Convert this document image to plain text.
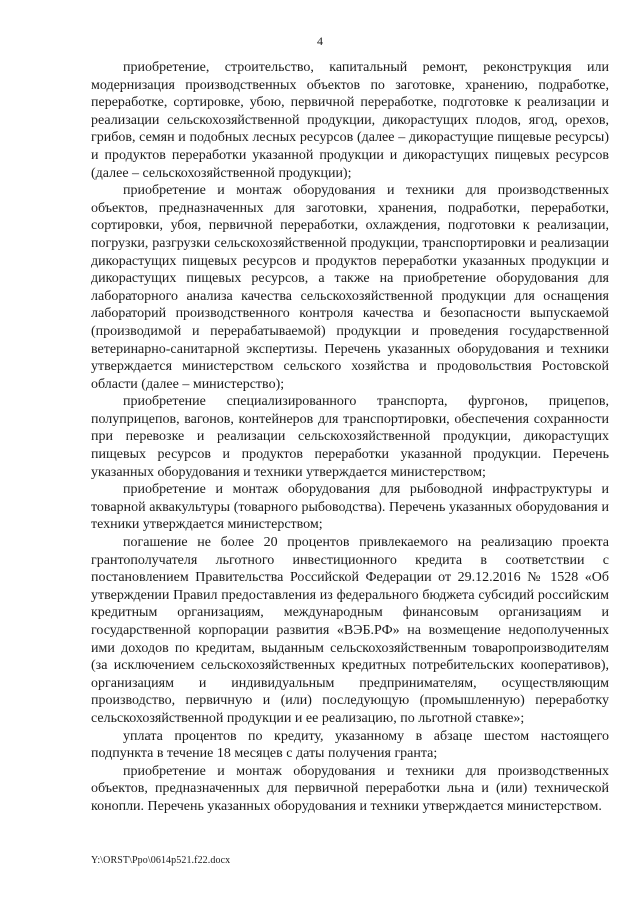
4

приобретение, строительство, капитальный ремонт, реконструкция или модернизация производственных объектов по заготовке, хранению, подработке, переработке, сортировке, убою, первичной переработке, подготовке к реализации и реализации сельскохозяйственной продукции, дикорастущих плодов, ягод, орехов, грибов, семян и подобных лесных ресурсов (далее – дикорастущие пищевые ресурсы) и продуктов переработки указанной продукции и дикорастущих пищевых ресурсов (далее – сельскохозяйственной продукции);

приобретение и монтаж оборудования и техники для производственных объектов, предназначенных для заготовки, хранения, подработки, переработки, сортировки, убоя, первичной переработки, охлаждения, подготовки к реализации, погрузки, разгрузки сельскохозяйственной продукции, транспортировки и реализации дикорастущих пищевых ресурсов и продуктов переработки указанных продукции и дикорастущих пищевых ресурсов, а также на приобретение оборудования для лабораторного анализа качества сельскохозяйственной продукции для оснащения лабораторий производственного контроля качества и безопасности выпускаемой (производимой и перерабатываемой) продукции и проведения государственной ветеринарно-санитарной экспертизы. Перечень указанных оборудования и техники утверждается министерством сельского хозяйства и продовольствия Ростовской области (далее – министерство);

приобретение специализированного транспорта, фургонов, прицепов, полуприцепов, вагонов, контейнеров для транспортировки, обеспечения сохранности при перевозке и реализации сельскохозяйственной продукции, дикорастущих пищевых ресурсов и продуктов переработки указанной продукции. Перечень указанных оборудования и техники утверждается министерством;

приобретение и монтаж оборудования для рыбоводной инфраструктуры и товарной аквакультуры (товарного рыбоводства). Перечень указанных оборудования и техники утверждается министерством;

погашение не более 20 процентов привлекаемого на реализацию проекта грантополучателя льготного инвестиционного кредита в соответствии с постановлением Правительства Российской Федерации от 29.12.2016 № 1528 «Об утверждении Правил предоставления из федерального бюджета субсидий российским кредитным организациям, международным финансовым организациям и государственной корпорации развития «ВЭБ.РФ» на возмещение недополученных ими доходов по кредитам, выданным сельскохозяйственным товаропроизводителям (за исключением сельскохозяйственных кредитных потребительских кооперативов), организациям и индивидуальным предпринимателям, осуществляющим производство, первичную и (или) последующую (промышленную) переработку сельскохозяйственной продукции и ее реализацию, по льготной ставке»;

уплата процентов по кредиту, указанному в абзаце шестом настоящего подпункта в течение 18 месяцев с даты получения гранта;

приобретение и монтаж оборудования и техники для производственных объектов, предназначенных для первичной переработки льна и (или) технической конопли. Перечень указанных оборудования и техники утверждается министерством.

Y:\ORST\Ppo\0614p521.f22.docx
